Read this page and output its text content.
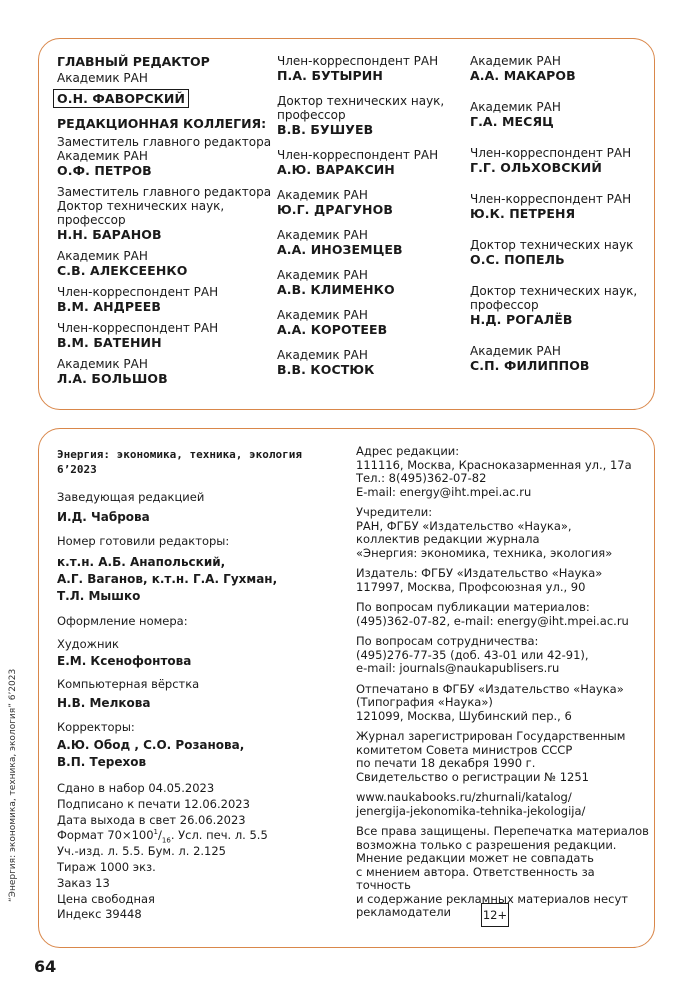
ГЛАВНЫЙ РЕДАКТОР
Академик РАН
О.Н. ФАВОРСКИЙ
РЕДАКЦИОННАЯ КОЛЛЕГИЯ:
Заместитель главного редактора
Академик РАН
О.Ф. ПЕТРОВ
Заместитель главного редактора
Доктор технических наук,
профессор
Н.Н. БАРАНОВ
Академик РАН
С.В. АЛЕКСЕЕНКО
Член-корреспондент РАН
В.М. АНДРЕЕВ
Член-корреспондент РАН
В.М. БАТЕНИН
Академик РАН
Л.А. БОЛЬШОВ
Член-корреспондент РАН
П.А. БУТЫРИН
Доктор технических наук,
профессор
В.В. БУШУЕВ
Член-корреспондент РАН
А.Ю. ВАРАКСИН
Академик РАН
Ю.Г. ДРАГУНОВ
Академик РАН
А.А. ИНОЗЕМЦЕВ
Академик РАН
А.В. КЛИМЕНКО
Академик РАН
А.А. КОРОТЕЕВ
Академик РАН
В.В. КОСТЮК
Академик РАН
А.А. МАКАРОВ
Академик РАН
Г.А. МЕСЯЦ
Член-корреспондент РАН
Г.Г. ОЛЬХОВСКИЙ
Член-корреспондент РАН
Ю.К. ПЕТРЕНЯ
Доктор технических наук
О.С. ПОПЕЛЬ
Доктор технических наук,
профессор
Н.Д. РОГАЛЁВ
Академик РАН
С.П. ФИЛИППОВ
Энергия: экономика, техника, экология
6’2023
Заведующая редакцией
И.Д. Чаброва
Номер готовили редакторы:
к.т.н. А.Б. Анапольский,
А.Г. Ваганов, к.т.н. Г.А. Гухман,
Т.Л. Мышко
Оформление номера:
Художник
Е.М. Ксенофонтова
Компьютерная вёрстка
Н.В. Мелкова
Корректоры:
А.Ю. Обод , С.О. Розанова,
В.П. Терехов
Сдано в набор 04.05.2023
Подписано к печати 12.06.2023
Дата выхода в свет 26.06.2023
Формат $70\times 100^1/_{16}$. Усл. печ. л. 5.5
Уч.-изд. л. 5.5. Бум. л. 2.125
Тираж 1000 экз.
Заказ 13
Цена свободная
Индекс 39448
Адрес редакции:
111116, Москва, Красноказарменная ул., 17а
Тел.: 8(495)362-07-82
E-mail: energy@iht.mpei.ac.ru
Учредители:
РАН, ФГБУ «Издательство «Наука»,
коллектив редакции журнала
«Энергия: экономика, техника, экология»
Издатель: ФГБУ «Издательство «Наука»
117997, Москва, Профсоюзная ул., 90
По вопросам публикации материалов:
(495)362-07-82, e-mail: energy@iht.mpei.ac.ru
По вопросам сотрудничества:
(495)276-77-35 (доб. 43-01 или 42-91),
e-mail: journals@naukapublisers.ru
Отпечатано в ФГБУ «Издательство «Наука»
(Типография «Наука»)
121099, Москва, Шубинский пер., 6
Журнал зарегистрирован Государственным
комитетом Совета министров СССР
по печати 18 декабря 1990 г.
Свидетельство о регистрации № 1251
www.naukabooks.ru/zhurnali/katalog/
jenergija-jekonomika-tehnika-jekologija/
Все права защищены. Перепечатка материалов
возможна только с разрешения редакции.
Мнение редакции может не совпадать
с мнением автора. Ответственность за точность
и содержание рекламных материалов несут
рекламодатели	12+
64
“Энергия: экономика, техника, экология” 6’2023
